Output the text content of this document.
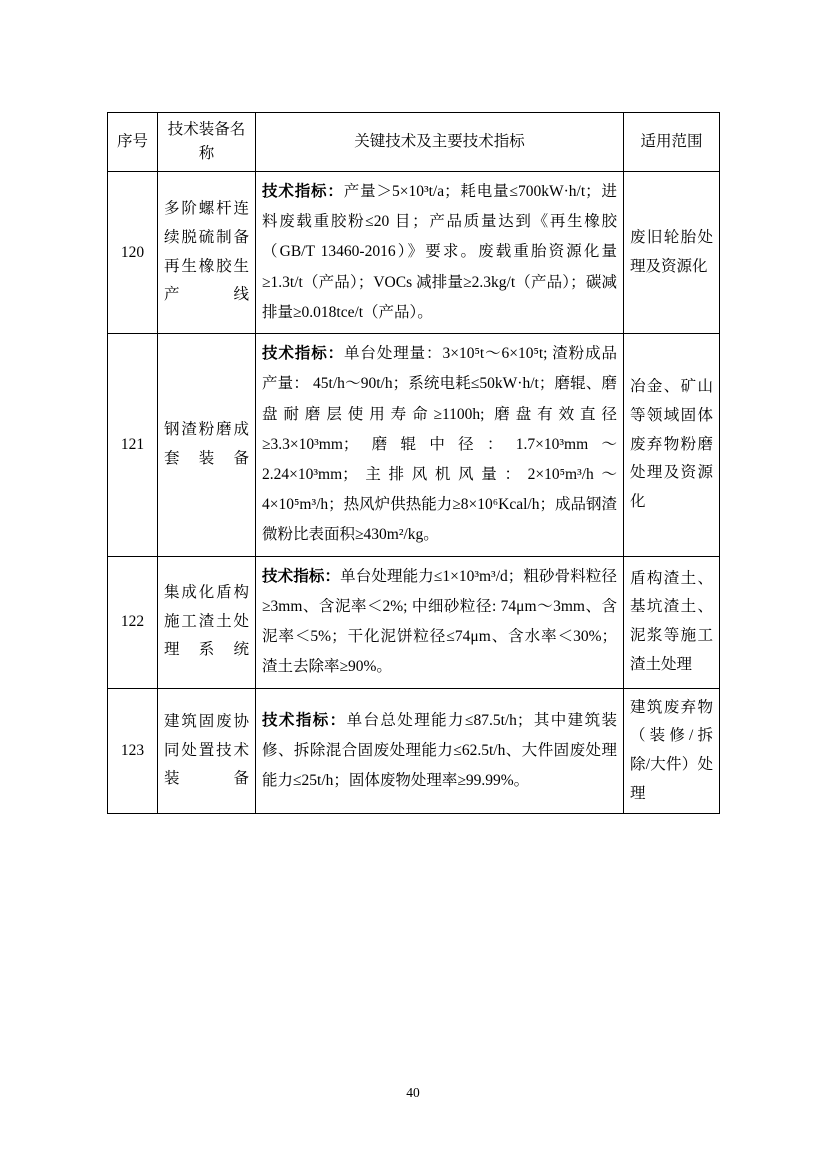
序号	技术装备名称	关键技术及主要技术指标	适用范围
120	多阶螺杆连续脱硫制备再生橡胶生产线	技术指标：产量＞5×10³t/a；耗电量≤700kW·h/t；进料废载重胶粉≤20 目；产品质量达到《再生橡胶（GB/T 13460-2016）》要求。废载重胎资源化量≥1.3t/t（产品）；VOCs 减排量≥2.3kg/t（产品）；碳减排量≥0.018tce/t（产品）。	废旧轮胎处理及资源化
121	钢渣粉磨成套装备	技术指标：单台处理量：3×10⁵t～6×10⁵t; 渣粉成品产量： 45t/h～90t/h；系统电耗≤50kW·h/t；磨辊、磨盘耐磨层使用寿命≥1100h; 磨盘有效直径≥3.3×10³mm；磨辊中径：1.7×10³mm～2.24×10³mm；主排风机风量：2×10⁵m³/h～4×10⁵m³/h；热风炉供热能力≥8×10⁶Kcal/h；成品钢渣微粉比表面积≥430m²/kg。	冶金、矿山等领域固体废弃物粉磨处理及资源化
122	集成化盾构施工渣土处理系统	技术指标：单台处理能力≤1×10³m³/d；粗砂骨料粒径≥3mm、含泥率＜2%; 中细砂粒径: 74μm～3mm、含泥率＜5%；干化泥饼粒径≤74μm、含水率＜30%；渣土去除率≥90%。	盾构渣土、基坑渣土、泥浆等施工渣土处理
123	建筑固废协同处置技术装备	技术指标：单台总处理能力≤87.5t/h；其中建筑装修、拆除混合固废处理能力≤62.5t/h、大件固废处理能力≤25t/h；固体废物处理率≥99.99%。	建筑废弃物（装修/拆除/大件）处理
40
